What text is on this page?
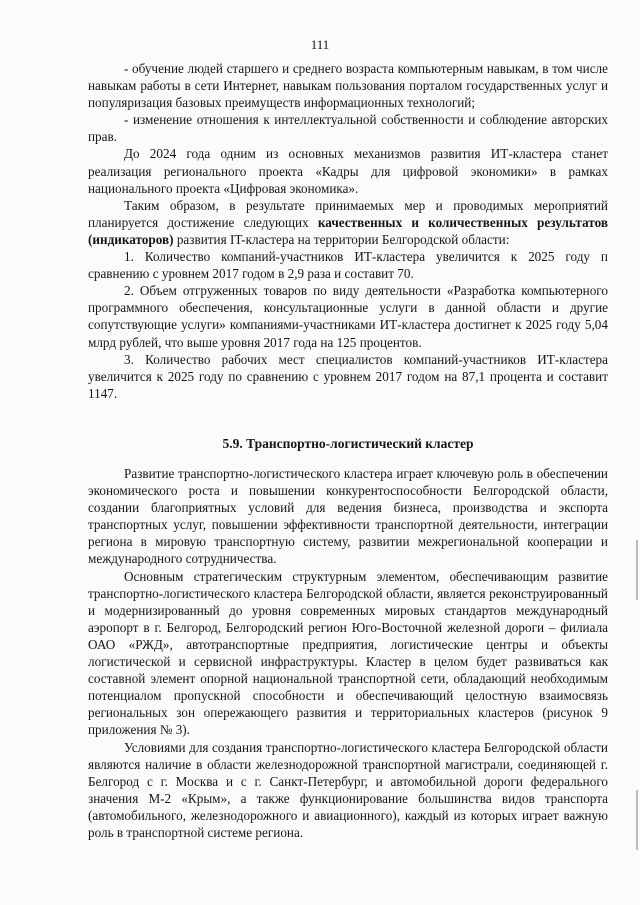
111

- обучение людей старшего и среднего возраста компьютерным навыкам, в том числе навыкам работы в сети Интернет, навыкам пользования порталом государственных услуг и популяризация базовых преимуществ информационных технологий;

- изменение отношения к интеллектуальной собственности и соблюдение авторских прав.

До 2024 года одним из основных механизмов развития ИТ-кластера станет реализация регионального проекта «Кадры для цифровой экономики» в рамках национального проекта «Цифровая экономика».

Таким образом, в результате принимаемых мер и проводимых мероприятий планируется достижение следующих качественных и количественных результатов (индикаторов) развития IT-кластера на территории Белгородской области:

1. Количество компаний-участников ИТ-кластера увеличится к 2025 году п сравнению с уровнем 2017 годом в 2,9 раза и составит 70.

2. Объем отгруженных товаров по виду деятельности «Разработка компьютерного программного обеспечения, консультационные услуги в данной области и другие сопутствующие услуги» компаниями-участниками ИТ-кластера достигнет к 2025 году 5,04 млрд рублей, что выше уровня 2017 года на 125 процентов.

3. Количество рабочих мест специалистов компаний-участников ИТ-кластера увеличится к 2025 году по сравнению с уровнем 2017 годом на 87,1 процента и составит 1147.

5.9. Транспортно-логистический кластер

Развитие транспортно-логистического кластера играет ключевую роль в обеспечении экономического роста и повышении конкурентоспособности Белгородской области, создании благоприятных условий для ведения бизнеса, производства и экспорта транспортных услуг, повышении эффективности транспортной деятельности, интеграции региона в мировую транспортную систему, развитии межрегиональной кооперации и международного сотрудничества.

Основным стратегическим структурным элементом, обеспечивающим развитие транспортно-логистического кластера Белгородской области, является реконструированный и модернизированный до уровня современных мировых стандартов международный аэропорт в г. Белгород, Белгородский регион Юго-Восточной железной дороги – филиала ОАО «РЖД», автотранспортные предприятия, логистические центры и объекты логистической и сервисной инфраструктуры. Кластер в целом будет развиваться как составной элемент опорной национальной транспортной сети, обладающий необходимым потенциалом пропускной способности и обеспечивающий целостную взаимосвязь региональных зон опережающего развития и территориальных кластеров (рисунок 9 приложения № 3).

Условиями для создания транспортно-логистического кластера Белгородской области являются наличие в области железнодорожной транспортной магистрали, соединяющей г. Белгород с г. Москва и с г. Санкт-Петербург, и автомобильной дороги федерального значения М-2 «Крым», а также функционирование большинства видов транспорта (автомобильного, железнодорожного и авиационного), каждый из которых играет важную роль в транспортной системе региона.
